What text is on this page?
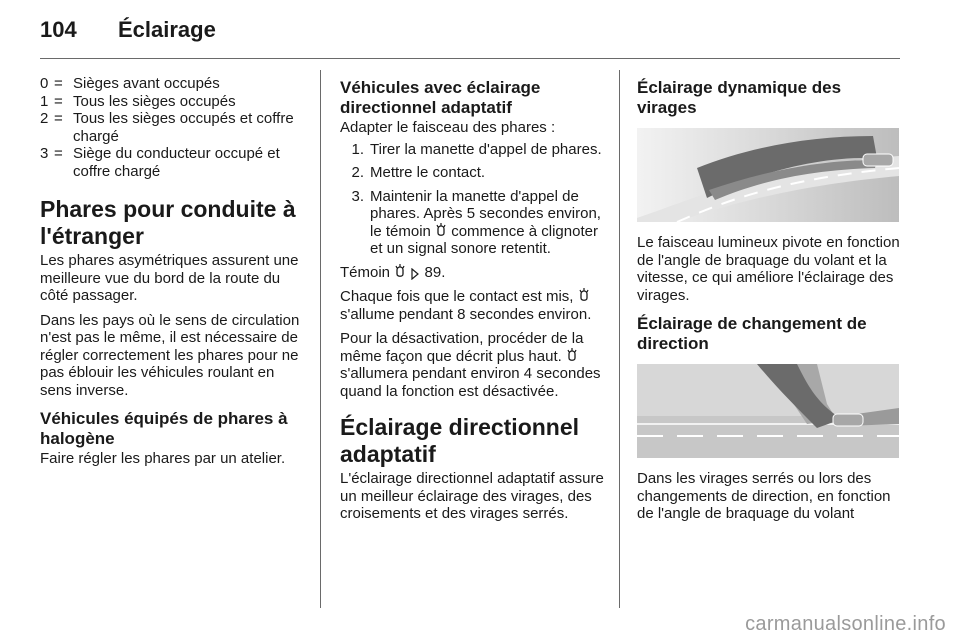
104 Éclairage
0 = Sièges avant occupés
1 = Tous les sièges occupés
2 = Tous les sièges occupés et coffre chargé
3 = Siège du conducteur occupé et coffre chargé
Phares pour conduite à l'étranger

Les phares asymétriques assurent une meilleure vue du bord de la route du côté passager.

Dans les pays où le sens de circulation n'est pas le même, il est nécessaire de régler correctement les phares pour ne pas éblouir les véhicules roulant en sens inverse.

Véhicules équipés de phares à halogène

Faire régler les phares par un atelier.

Véhicules avec éclairage directionnel adaptatif

Adapter le faisceau des phares :

1. Tirer la manette d'appel de phares.
2. Mettre le contact.
3. Maintenir la manette d'appel de phares. Après 5 secondes environ, le témoin commence à clignoter et un signal sonore retentit.

Témoin 89.

Chaque fois que le contact est mis,  s'allume pendant 8 secondes environ.

Pour la désactivation, procéder de la même façon que décrit plus haut.  s'allumera pendant environ 4 secondes quand la fonction est désactivée.

Éclairage directionnel adaptatif

L'éclairage directionnel adaptatif assure un meilleur éclairage des virages, des croisements et des virages serrés.

Éclairage dynamique des virages

Le faisceau lumineux pivote en fonction de l'angle de braquage du volant et la vitesse, ce qui améliore l'éclairage des virages.

Éclairage de changement de direction

Dans les virages serrés ou lors des changements de direction, en fonction de l'angle de braquage du volant

carmanualsonline.info
